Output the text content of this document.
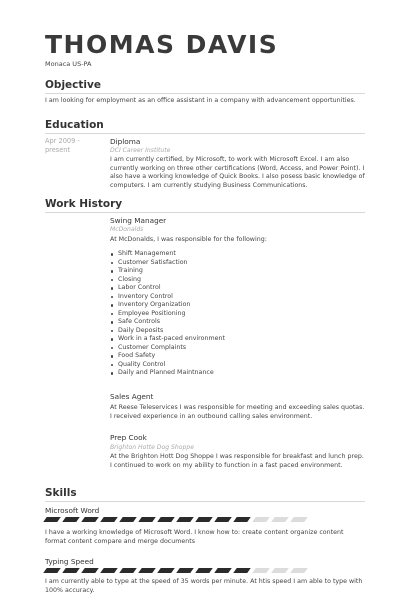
THOMAS DAVIS
Monaca US-PA
Objective
I am looking for employment as an office assistant in a company with advancement opportunities.
Education
Apr 2009 - present
Diploma
DCI Career Institute
I am currently certified, by Microsoft, to work with Microsoft Excel. I am also currently working on three other certifications (Word, Access, and Power Point). I also have a working knowledge of Quick Books. I also posess basic knowledge of computers. I am currently studying Business Communications.
Work History
Swing Manager
McDonalds
At McDonalds, I was responsible for the following:
Shift Management
Customer Satisfaction
Training
Closing
Labor Control
Inventory Control
Inventory Organization
Employee Positioning
Safe Controls
Daily Deposits
Work in a fast-paced environment
Customer Complaints
Food Safety
Quality Control
Daily and Planned Maintnance
Sales Agent
At Reese Teleservices I was responsible for meeting and exceeding sales quotas. I received experience in an outbound calling sales environment.
Prep Cook
Brighton Hotte Dog Shoppe
At the Brighton Hott Dog Shoppe I was responsible for breakfast and lunch prep. I continued to work on my ability to function in a fast paced environment.
Skills
Microsoft Word
I have a working knowledge of Microsoft Word. I know how to: create content organize content format content compare and merge documents
Typing Speed
I am currently able to type at the speed of 35 words per minute. At htis speed I am able to type with 100% accuracy.
